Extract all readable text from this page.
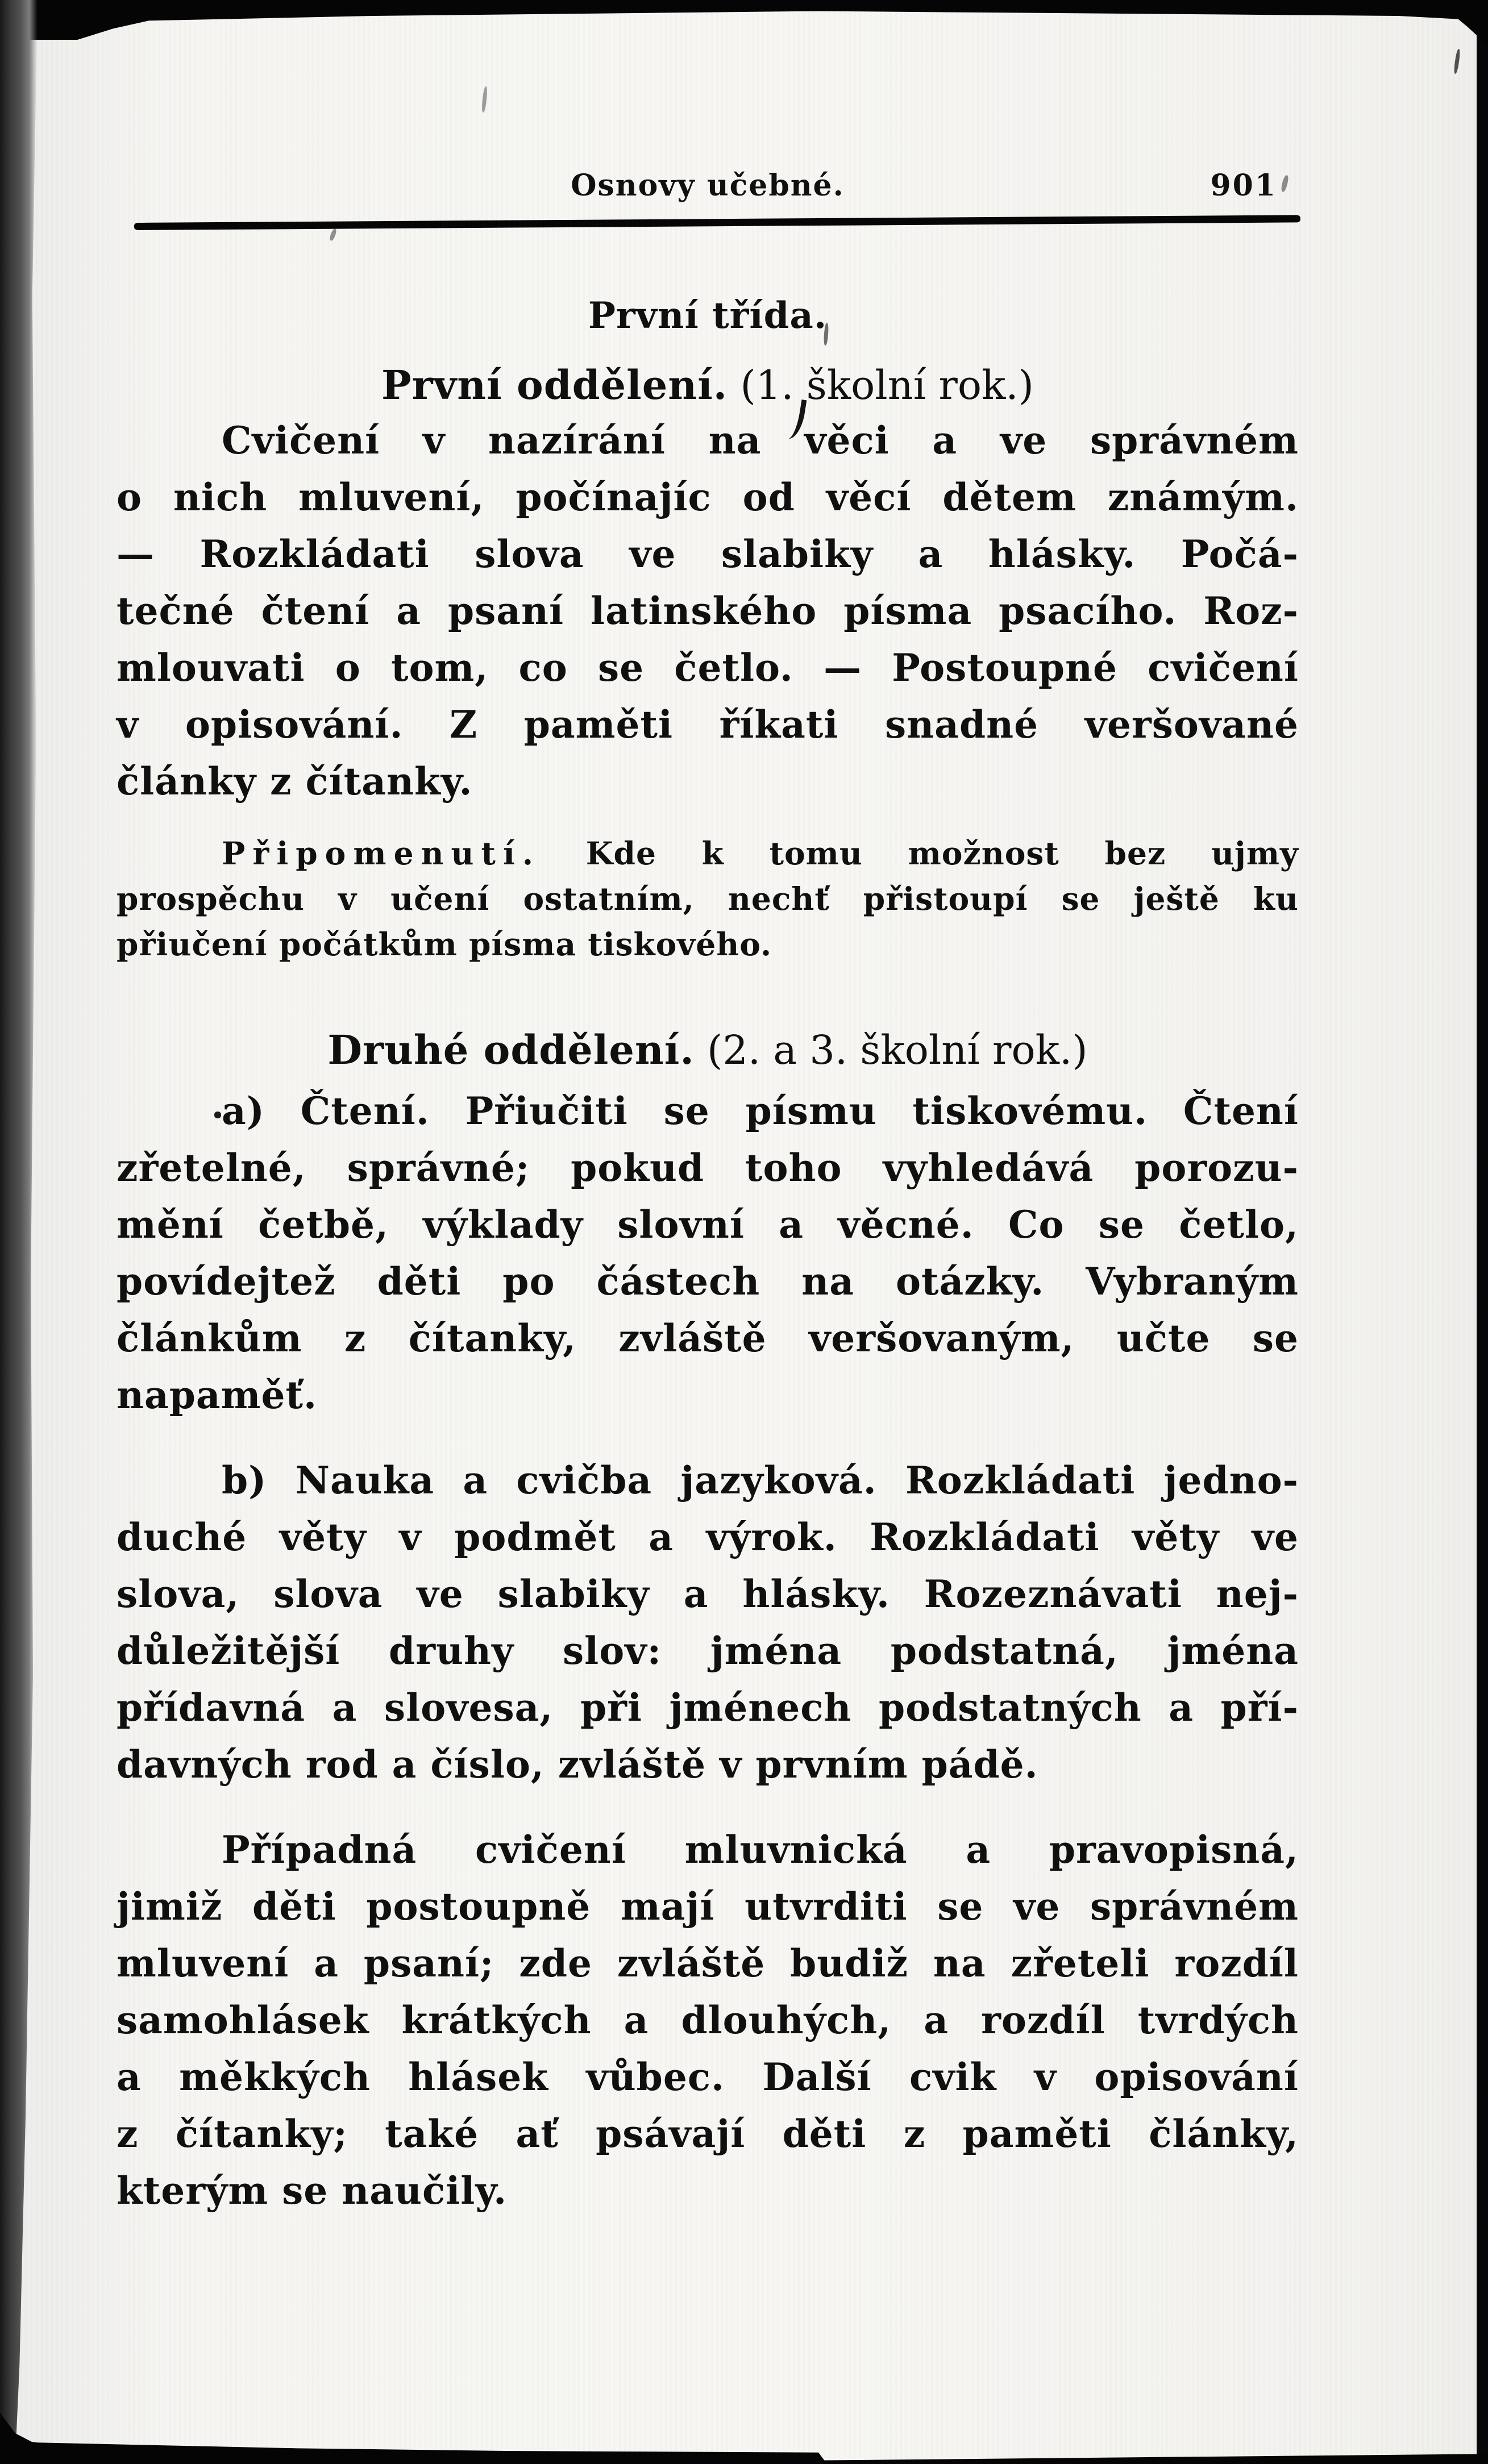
Osnovy učebné.	901
První třída.
První oddělení. (1. školní rok.)
Cvičení v nazírání na věci a ve správném
o nich mluvení, počínajíc od věcí dětem známým.
— Rozkládati slova ve slabiky a hlásky. Počá-
tečné čtení a psaní latinského písma psacího. Roz-
mlouvati o tom, co se četlo. — Postoupné cvičení
v opisování. Z paměti říkati snadné veršované
články z čítanky.
Připomenutí. Kde k tomu možnost bez ujmy
prospěchu v učení ostatním, nechť přistoupí se ještě ku
přiučení počátkům písma tiskového.
Druhé oddělení. (2. a 3. školní rok.)
a) Čtení. Přiučiti se písmu tiskovému. Čtení
zřetelné, správné; pokud toho vyhledává porozu-
mění četbě, výklady slovní a věcné. Co se četlo,
povídejtež děti po částech na otázky. Vybraným
článkům z čítanky, zvláště veršovaným, učte se
napaměť.
b) Nauka a cvičba jazyková. Rozkládati jedno-
duché věty v podmět a výrok. Rozkládati věty ve
slova, slova ve slabiky a hlásky. Rozeznávati nej-
důležitější druhy slov: jména podstatná, jména
přídavná a slovesa, při jménech podstatných a pří-
davných rod a číslo, zvláště v prvním pádě.
Případná cvičení mluvnická a pravopisná,
jimiž děti postoupně mají utvrditi se ve správném
mluvení a psaní; zde zvláště budiž na zřeteli rozdíl
samohlásek krátkých a dlouhých, a rozdíl tvrdých
a měkkých hlásek vůbec. Další cvik v opisování
z čítanky; také ať psávají děti z paměti články,
kterým se naučily.
